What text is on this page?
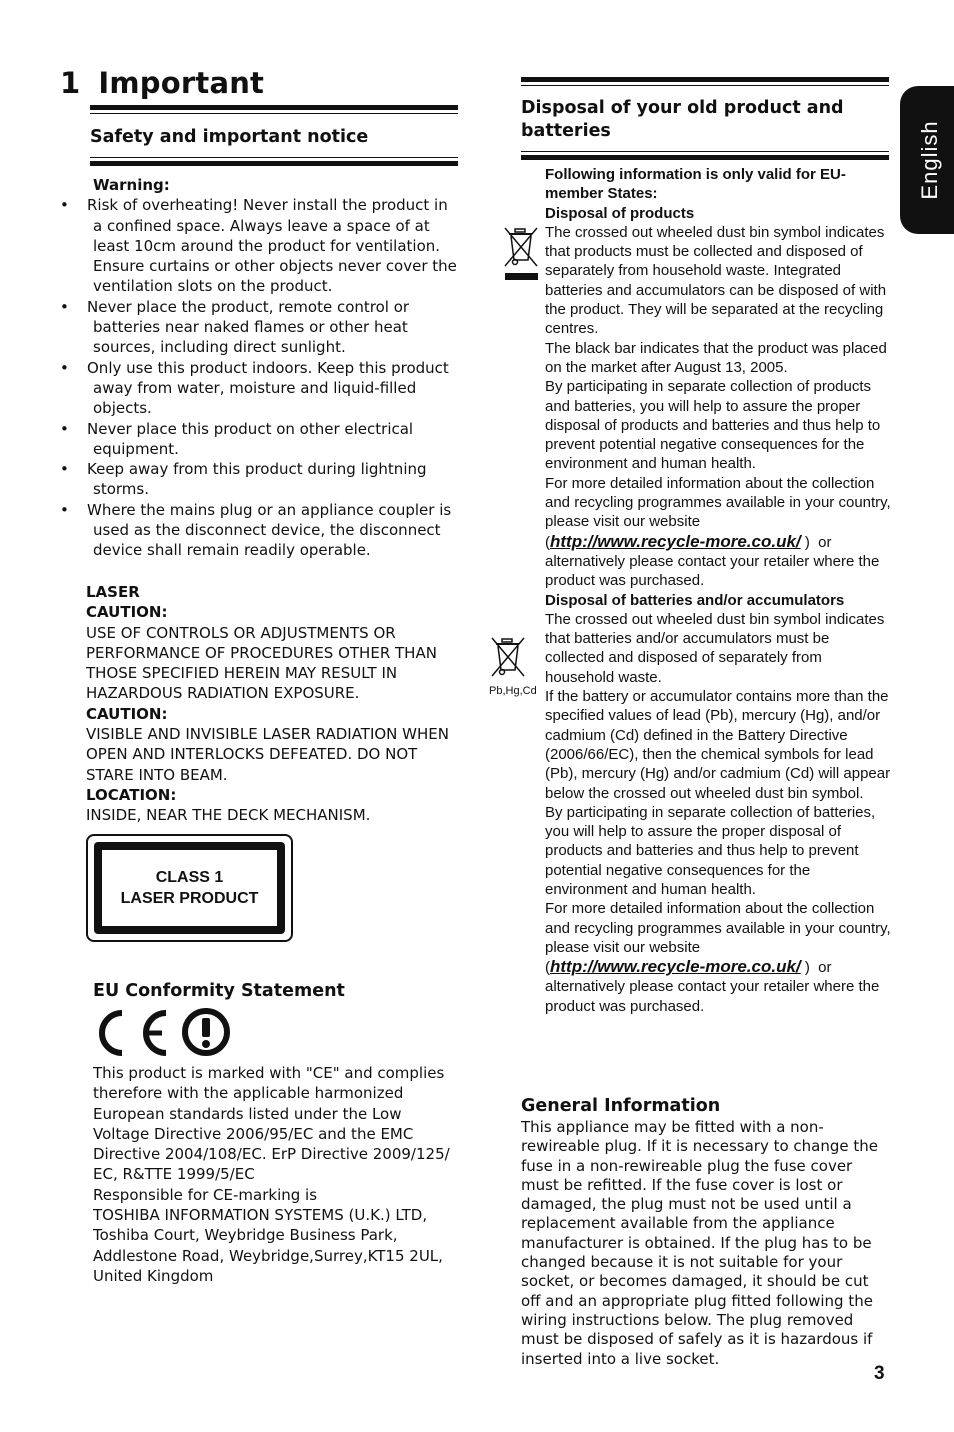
1 Important
English
Safety and important notice
Warning:
• Risk of overheating! Never install the product in a confined space. Always leave a space of at least 10cm around the product for ventilation. Ensure curtains or other objects never cover the ventilation slots on the product.
• Never place the product, remote control or batteries near naked flames or other heat sources, including direct sunlight.
• Only use this product indoors. Keep this product away from water, moisture and liquid-filled objects.
• Never place this product on other electrical equipment.
• Keep away from this product during lightning storms.
• Where the mains plug or an appliance coupler is used as the disconnect device, the disconnect device shall remain readily operable.

LASER

CAUTION:

USE OF CONTROLS OR ADJUSTMENTS OR PERFORMANCE OF PROCEDURES OTHER THAN THOSE SPECIFIED HEREIN MAY RESULT IN HAZARDOUS RADIATION EXPOSURE.

CAUTION:

VISIBLE AND INVISIBLE LASER RADIATION WHEN OPEN AND INTERLOCKS DEFEATED. DO NOT STARE INTO BEAM.

LOCATION:

INSIDE, NEAR THE DECK MECHANISM.

CLASS 1
LASER PRODUCT
EU Conformity Statement
This product is marked with "CE" and complies therefore with the applicable harmonized European standards listed under the Low Voltage Directive 2006/95/EC and the EMC Directive 2004/108/EC. ErP Directive 2009/125/ EC, R&TTE 1999/5/EC
Responsible for CE-marking is
TOSHIBA INFORMATION SYSTEMS (U.K.) LTD, Toshiba Court, Weybridge Business Park, Addlestone Road, Weybridge,Surrey,KT15 2UL, United Kingdom
Disposal of your old product and batteries
Pb,Hg,Cd
Following information is only valid for EU-member States:
Disposal of products
The crossed out wheeled dust bin symbol indicates that products must be collected and disposed of separately from household waste. Integrated batteries and accumulators can be disposed of with the product. They will be separated at the recycling centres.
The black bar indicates that the product was placed on the market after August 13, 2005.
By participating in separate collection of products and batteries, you will help to assure the proper disposal of products and batteries and thus help to prevent potential negative consequences for the environment and human health.
For more detailed information about the collection and recycling programmes available in your country, please visit our website
(http://www.recycle-more.co.uk/ )  or
alternatively please contact your retailer where the product was purchased.
Disposal of batteries and/or accumulators
The crossed out wheeled dust bin symbol indicates that batteries and/or accumulators must be collected and disposed of separately from household waste.
If the battery or accumulator contains more than the specified values of lead (Pb), mercury (Hg), and/or cadmium (Cd) defined in the Battery Directive (2006/66/EC), then the chemical symbols for lead (Pb), mercury (Hg) and/or cadmium (Cd) will appear below the crossed out wheeled dust bin symbol.
By participating in separate collection of batteries, you will help to assure the proper disposal of products and batteries and thus help to prevent potential negative consequences for the environment and human health.
For more detailed information about the collection and recycling programmes available in your country, please visit our website
(http://www.recycle-more.co.uk/ )  or
alternatively please contact your retailer where the product was purchased.
General Information
This appliance may be fitted with a non-rewireable plug. If it is necessary to change the fuse in a non-rewireable plug the fuse cover must be refitted. If the fuse cover is lost or damaged, the plug must not be used until a replacement available from the appliance manufacturer is obtained. If the plug has to be changed because it is not suitable for your socket, or becomes damaged, it should be cut off and an appropriate plug fitted following the wiring instructions below. The plug removed must be disposed of safely as it is hazardous if inserted into a live socket.
3
